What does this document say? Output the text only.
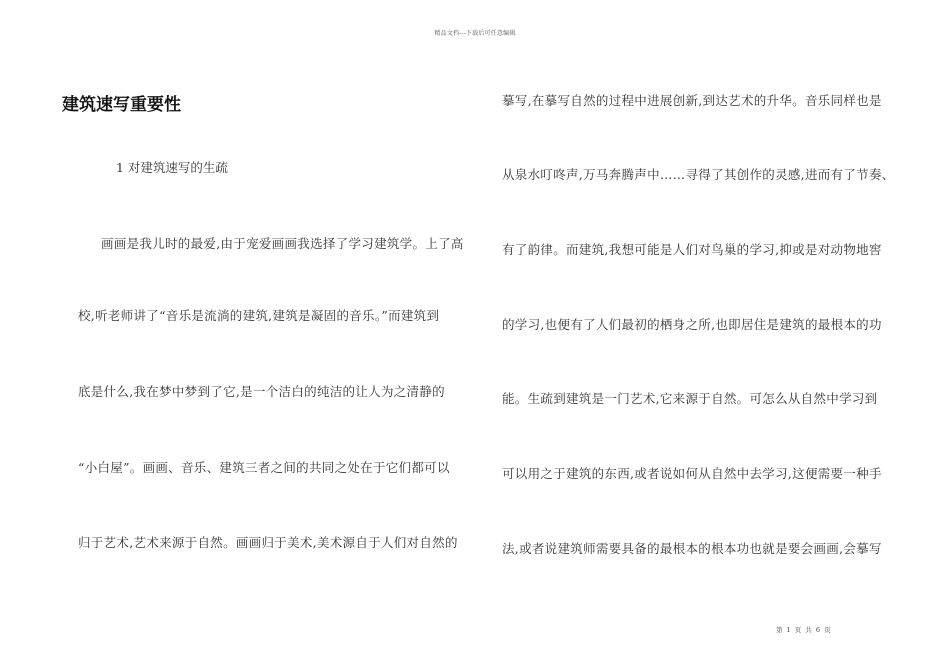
精品文档---下载后可任意编辑
建筑速写重要性
1 对建筑速写的生疏
画画是我儿时的最爱,由于宠爱画画我选择了学习建筑学。上了高
校,听老师讲了“音乐是流淌的建筑,建筑是凝固的音乐。”而建筑到
底是什么,我在梦中梦到了它,是一个洁白的纯洁的让人为之清静的
“小白屋”。画画、音乐、建筑三者之间的共同之处在于它们都可以
归于艺术,艺术来源于自然。画画归于美术,美术源自于人们对自然的
摹写,在摹写自然的过程中进展创新,到达艺术的升华。音乐同样也是
从泉水叮咚声,万马奔腾声中……寻得了其创作的灵感,进而有了节奏、
有了韵律。而建筑,我想可能是人们对鸟巢的学习,抑或是对动物地窖
的学习,也便有了人们最初的栖身之所,也即居住是建筑的最根本的功
能。生疏到建筑是一门艺术,它来源于自然。可怎么从自然中学习到
可以用之于建筑的东西,或者说如何从自然中去学习,这便需要一种手
法,或者说建筑师需要具备的最根本的根本功也就是要会画画,会摹写
第 1 页 共 6 页
